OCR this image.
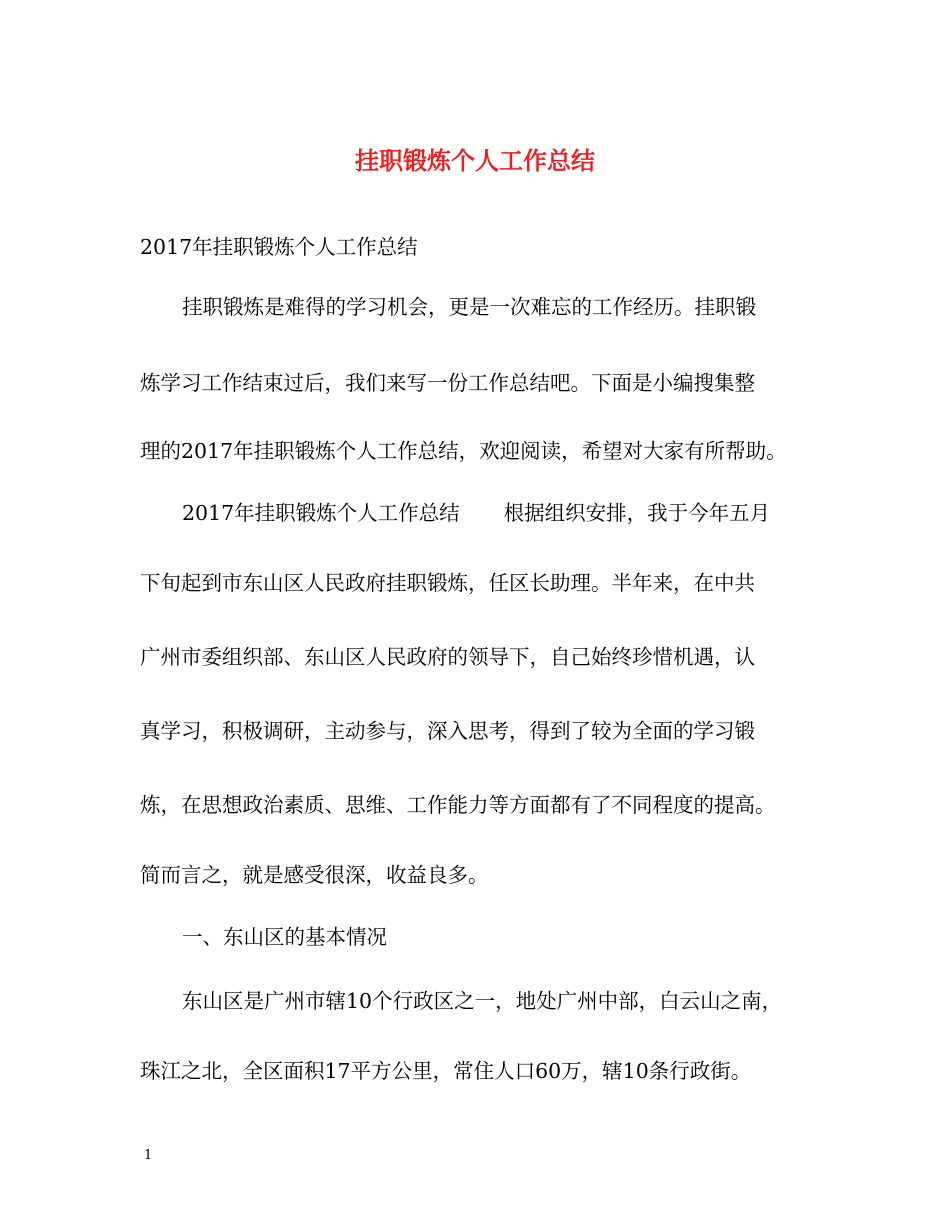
挂职锻炼个人工作总结
2017年挂职锻炼个人工作总结
挂职锻炼是难得的学习机会，更是一次难忘的工作经历。挂职锻
炼学习工作结束过后，我们来写一份工作总结吧。下面是小编搜集整
理的2017年挂职锻炼个人工作总结，欢迎阅读，希望对大家有所帮助。
2017年挂职锻炼个人工作总结 根据组织安排，我于今年五月
下旬起到市东山区人民政府挂职锻炼，任区长助理。半年来，在中共
广州市委组织部、东山区人民政府的领导下，自己始终珍惜机遇，认
真学习，积极调研，主动参与，深入思考，得到了较为全面的学习锻
炼，在思想政治素质、思维、工作能力等方面都有了不同程度的提高。
简而言之，就是感受很深，收益良多。
一、东山区的基本情况
东山区是广州市辖10个行政区之一，地处广州中部，白云山之南，
珠江之北，全区面积17平方公里，常住人口60万，辖10条行政街。
1
